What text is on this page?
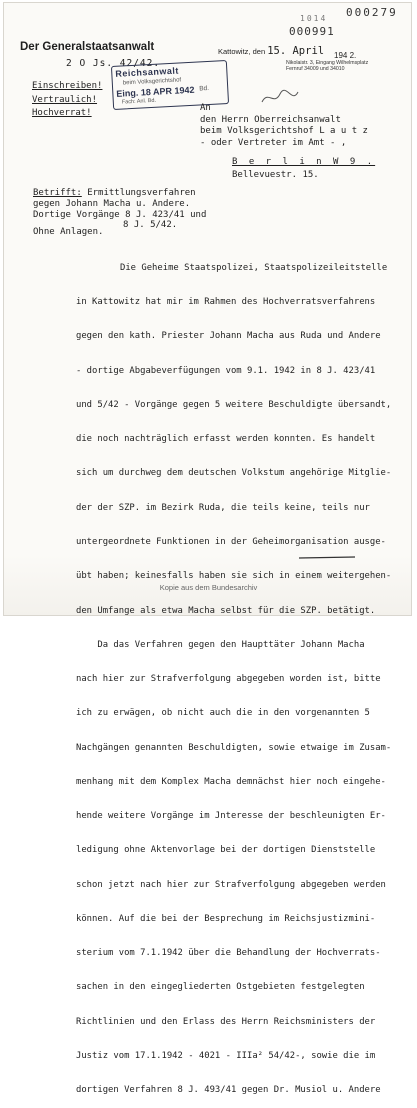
1014 000279
000991
Der Generalstaatsanwalt	Kattowitz, den 15. April 194 2.
Nikolaistr. 3, Eingang Wilhelmsplatz
Fernruf 34009 und 34010
2 O Js. 42/42.
Reichsanwalt
beim Volksgerichtshof
Eing. 18 APR 1942
Fach: Anl. Bd.
Bd.
Einschreiben!
Vertraulich!
Hochverrat!	An
den Herrn Oberreichsanwalt
beim Volksgerichtshof L a u t z
- oder Vertreter im Amt - ,
B e r l i n W 9 .
Bellevuestr. 15.
Betrifft: Ermittlungsverfahren
gegen Johann Macha u. Andere.
Dortige Vorgänge 8 J. 423/41 und
8 J. 5/42.
Ohne Anlagen.

Die Geheime Staatspolizei, Staatspolizeileitstelle

in Kattowitz hat mir im Rahmen des Hochverratsverfahrens

gegen den kath. Priester Johann Macha aus Ruda und Andere

- dortige Abgabeverfügungen vom 9.1. 1942 in 8 J. 423/41

und 5/42 - Vorgänge gegen 5 weitere Beschuldigte übersandt,

die noch nachträglich erfasst werden konnten. Es handelt

sich um durchweg dem deutschen Volkstum angehörige Mitglie-

der der SZP. im Bezirk Ruda, die teils keine, teils nur

untergeordnete Funktionen in der Geheimorganisation ausge-

übt haben; keinesfalls haben sie sich in einem weitergehen-

den Umfange als etwa Macha selbst für die SZP. betätigt.

Da das Verfahren gegen den Haupttäter Johann Macha

nach hier zur Strafverfolgung abgegeben worden ist, bitte

ich zu erwägen, ob nicht auch die in den vorgenannten 5

Nachgängen genannten Beschuldigten, sowie etwaige im Zusam-

menhang mit dem Komplex Macha demnächst hier noch eingehe-

hende weitere Vorgänge im Jnteresse der beschleunigten Er-

ledigung ohne Aktenvorlage bei der dortigen Dienststelle

schon jetzt nach hier zur Strafverfolgung abgegeben werden

können. Auf die bei der Besprechung im Reichsjustizmini-

sterium vom 7.1.1942 über die Behandlung der Hochverrats-

sachen in den eingegliederten Ostgebieten festgelegten

Richtlinien und den Erlass des Herrn Reichsministers der

Justiz vom 17.1.1942 - 4021 - IIIa² 54/42-, sowie die im

dortigen Verfahren 8 J. 493/41 gegen Dr. Musiol u. Andere

Kopie aus dem Bundesarchiv
